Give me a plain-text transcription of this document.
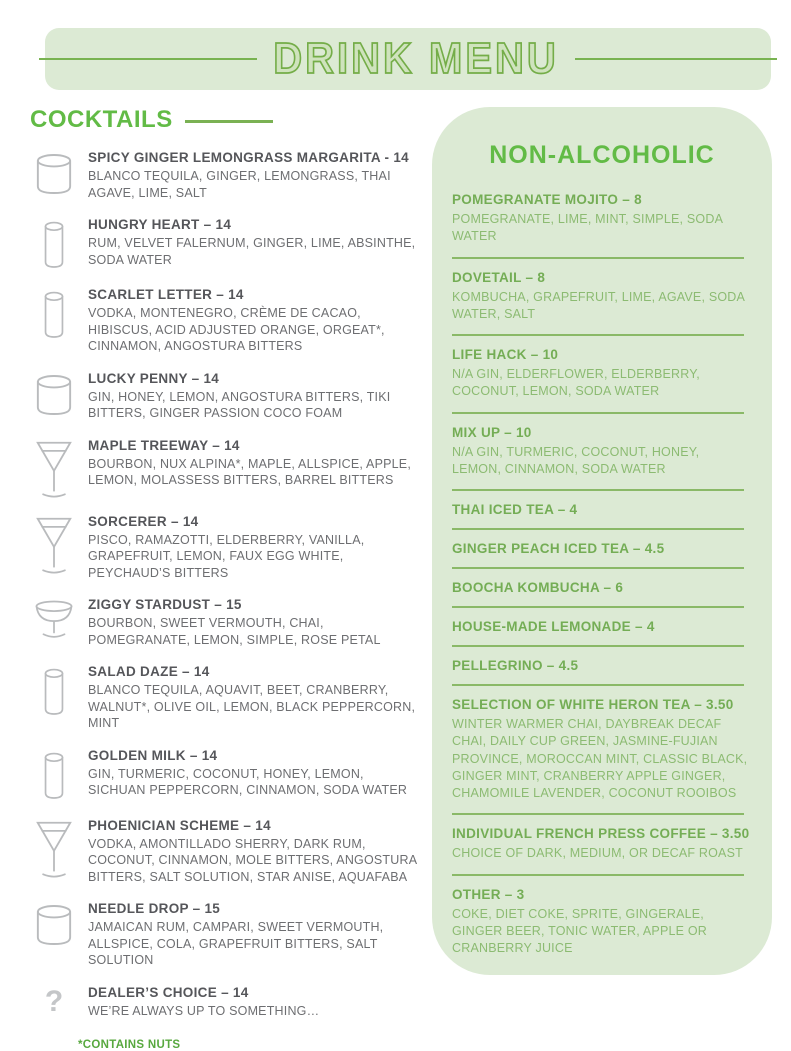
DRINK MENU
COCKTAILS
SPICY GINGER LEMONGRASS MARGARITA - 14
BLANCO TEQUILA, GINGER, LEMONGRASS, THAI AGAVE, LIME, SALT
HUNGRY HEART – 14
RUM, VELVET FALERNUM, GINGER, LIME, ABSINTHE, SODA WATER
SCARLET LETTER – 14
VODKA, MONTENEGRO, CRÈME DE CACAO, HIBISCUS, ACID ADJUSTED ORANGE, ORGEAT*, CINNAMON, ANGOSTURA BITTERS
LUCKY PENNY – 14
GIN, HONEY, LEMON, ANGOSTURA BITTERS, TIKI BITTERS, GINGER PASSION COCO FOAM
MAPLE TREEWAY – 14
BOURBON, NUX ALPINA*, MAPLE, ALLSPICE, APPLE, LEMON, MOLASSESS BITTERS, BARREL BITTERS
SORCERER – 14
PISCO, RAMAZOTTI, ELDERBERRY, VANILLA, GRAPEFRUIT, LEMON, FAUX EGG WHITE, PEYCHAUD’S BITTERS
ZIGGY STARDUST – 15
BOURBON, SWEET VERMOUTH, CHAI, POMEGRANATE, LEMON, SIMPLE, ROSE PETAL
SALAD DAZE – 14
BLANCO TEQUILA, AQUAVIT, BEET, CRANBERRY, WALNUT*, OLIVE OIL, LEMON, BLACK PEPPERCORN, MINT
GOLDEN MILK – 14
GIN, TURMERIC, COCONUT, HONEY, LEMON, SICHUAN PEPPERCORN, CINNAMON, SODA WATER
PHOENICIAN SCHEME – 14
VODKA, AMONTILLADO SHERRY, DARK RUM, COCONUT, CINNAMON, MOLE BITTERS, ANGOSTURA BITTERS, SALT SOLUTION, STAR ANISE, AQUAFABA
NEEDLE DROP – 15
JAMAICAN RUM, CAMPARI, SWEET VERMOUTH, ALLSPICE, COLA, GRAPEFRUIT BITTERS, SALT SOLUTION
? DEALER’S CHOICE – 14
WE’RE ALWAYS UP TO SOMETHING…
*CONTAINS NUTS
NON-ALCOHOLIC
POMEGRANATE MOJITO – 8
POMEGRANATE, LIME, MINT, SIMPLE, SODA WATER
DOVETAIL – 8
KOMBUCHA, GRAPEFRUIT, LIME, AGAVE, SODA WATER, SALT
LIFE HACK – 10
N/A GIN, ELDERFLOWER, ELDERBERRY, COCONUT, LEMON, SODA WATER
MIX UP – 10
N/A GIN, TURMERIC, COCONUT, HONEY, LEMON, CINNAMON, SODA WATER
THAI ICED TEA – 4
GINGER PEACH ICED TEA – 4.5
BOOCHA KOMBUCHA – 6
HOUSE-MADE LEMONADE – 4
PELLEGRINO – 4.5
SELECTION OF WHITE HERON TEA – 3.50
WINTER WARMER CHAI, DAYBREAK DECAF CHAI, DAILY CUP GREEN, JASMINE-FUJIAN PROVINCE, MOROCCAN MINT, CLASSIC BLACK, GINGER MINT, CRANBERRY APPLE GINGER, CHAMOMILE LAVENDER, COCONUT ROOIBOS
INDIVIDUAL FRENCH PRESS COFFEE – 3.50
CHOICE OF DARK, MEDIUM, OR DECAF ROAST
OTHER – 3
COKE, DIET COKE, SPRITE, GINGERALE, GINGER BEER, TONIC WATER, APPLE OR CRANBERRY JUICE
